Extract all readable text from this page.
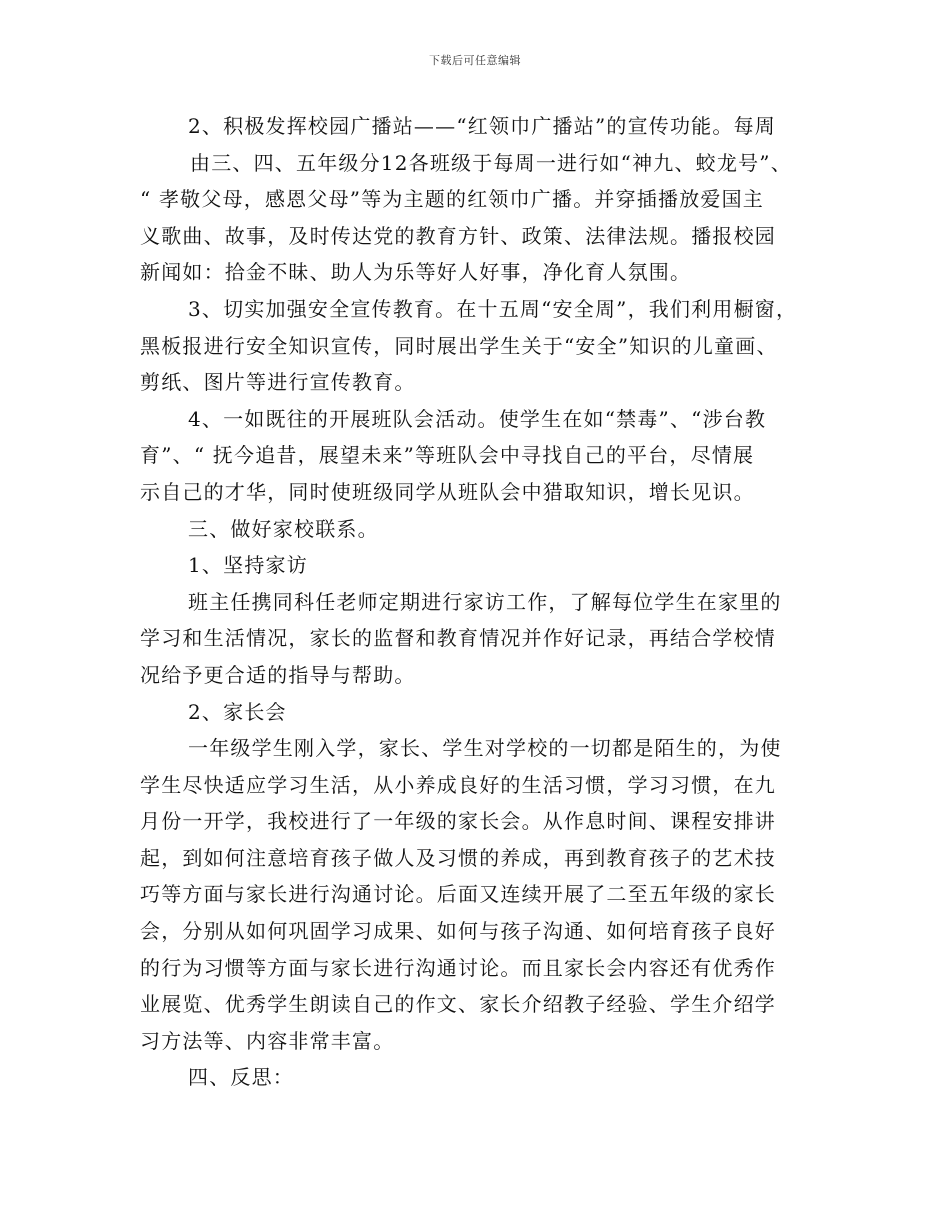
下载后可任意编辑
2、积极发挥校园广播站——“红领巾广播站”的宣传功能。每周
由三、四、五年级分12各班级于每周一进行如“神九、蛟龙号”、
“ 孝敬父母，感恩父母”等为主题的红领巾广播。并穿插播放爱国主
义歌曲、故事，及时传达党的教育方针、政策、法律法规。播报校园
新闻如：拾金不昧、助人为乐等好人好事，净化育人氛围。
3、切实加强安全宣传教育。在十五周“安全周”，我们利用橱窗，
黑板报进行安全知识宣传，同时展出学生关于“安全”知识的儿童画、
剪纸、图片等进行宣传教育。
4、一如既往的开展班队会活动。使学生在如“禁毒”、“涉台教
育”、“ 抚今追昔，展望未来”等班队会中寻找自己的平台，尽情展
示自己的才华，同时使班级同学从班队会中猎取知识，增长见识。
三、做好家校联系。
1、坚持家访
班主任携同科任老师定期进行家访工作，了解每位学生在家里的
学习和生活情况，家长的监督和教育情况并作好记录，再结合学校情
况给予更合适的指导与帮助。
2、家长会
一年级学生刚入学，家长、学生对学校的一切都是陌生的，为使
学生尽快适应学习生活，从小养成良好的生活习惯，学习习惯，在九
月份一开学，我校进行了一年级的家长会。从作息时间、课程安排讲
起，到如何注意培育孩子做人及习惯的养成，再到教育孩子的艺术技
巧等方面与家长进行沟通讨论。后面又连续开展了二至五年级的家长
会，分别从如何巩固学习成果、如何与孩子沟通、如何培育孩子良好
的行为习惯等方面与家长进行沟通讨论。而且家长会内容还有优秀作
业展览、优秀学生朗读自己的作文、家长介绍教子经验、学生介绍学
习方法等、内容非常丰富。
四、反思：
